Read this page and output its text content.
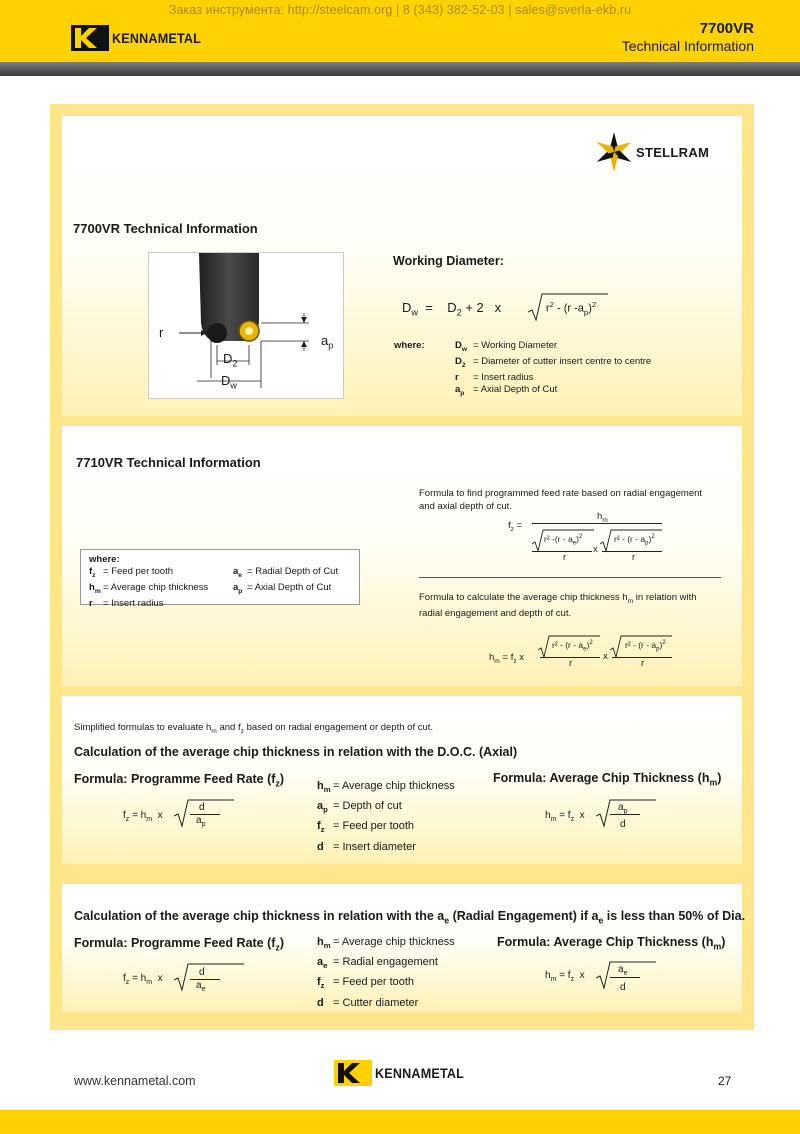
Заказ инструмента: http://steelcam.org | 8 (343) 382-52-03 | sales@sverla-ekb.ru
KENNAMETAL
7700VR
Technical Information
STELLRAM
7700VR Technical Information
r
$a_p$
$D_2$
$D_w$
Working Diameter:
$D_w = D_2 + 2$ x	$r^2 - (r$ $-a_p)^2$
where:	$D_w$ = Working Diameter
$D_2$ = Diameter of cutter insert centre to centre
r = Insert radius
$a_p$ = Axial Depth of Cut
7710VR Technical Information
where:
$f_z$ = Feed per tooth
$h_m$ = Average chip thickness
r = Insert radius
$a_e$ = Radial Depth of Cut
$a_p$ = Axial Depth of Cut
Formula to find programmed feed rate based on radial engagement and axial depth of cut.
$f_z$ =
$h_m$
r² $-(r - a_e)^2$	$r^2 - (r - a_p)^2$
x
r	r
Formula to calculate the average chip thickness $h_m$ in relation with radial engagement and depth of cut.
$h_m = f_z$ x
$r^2 - (r - a_e)^2$	$r^2 - (r - a_p)^2$
x
r	r
Simplified formulas to evaluate $h_m$ and $f_z$ based on radial engagement or depth of cut.
Calculation of the average chip thickness in relation with the D.O.C. (Axial)
Formula: Programme Feed Rate $(f_z)$	Formula: Average Chip Thickness $(h_m)$
$f_z = h_m$ x
d
$a_p$
$h_m$ = Average chip thickness
$a_p$ = Depth of cut
$f_z$ = Feed per tooth
d = Insert diameter
$h_m = f_z$ x
$a_p$
d
Calculation of the average chip thickness in relation with the $a_e$ (Radial Engagement) if $a_e$ is less than 50% of Dia.
Formula: Programme Feed Rate $(f_z)$	Formula: Average Chip Thickness $(h_m)$
$f_z = h_m$ x
d
$a_e$
$h_m$ = Average chip thickness
$a_e$ = Radial engagement
$f_z$ = Feed per tooth
d = Cutter diameter
$h_m = f_z$ x
$a_e$
d
www.kennametal.com	KENNAMETAL	27
